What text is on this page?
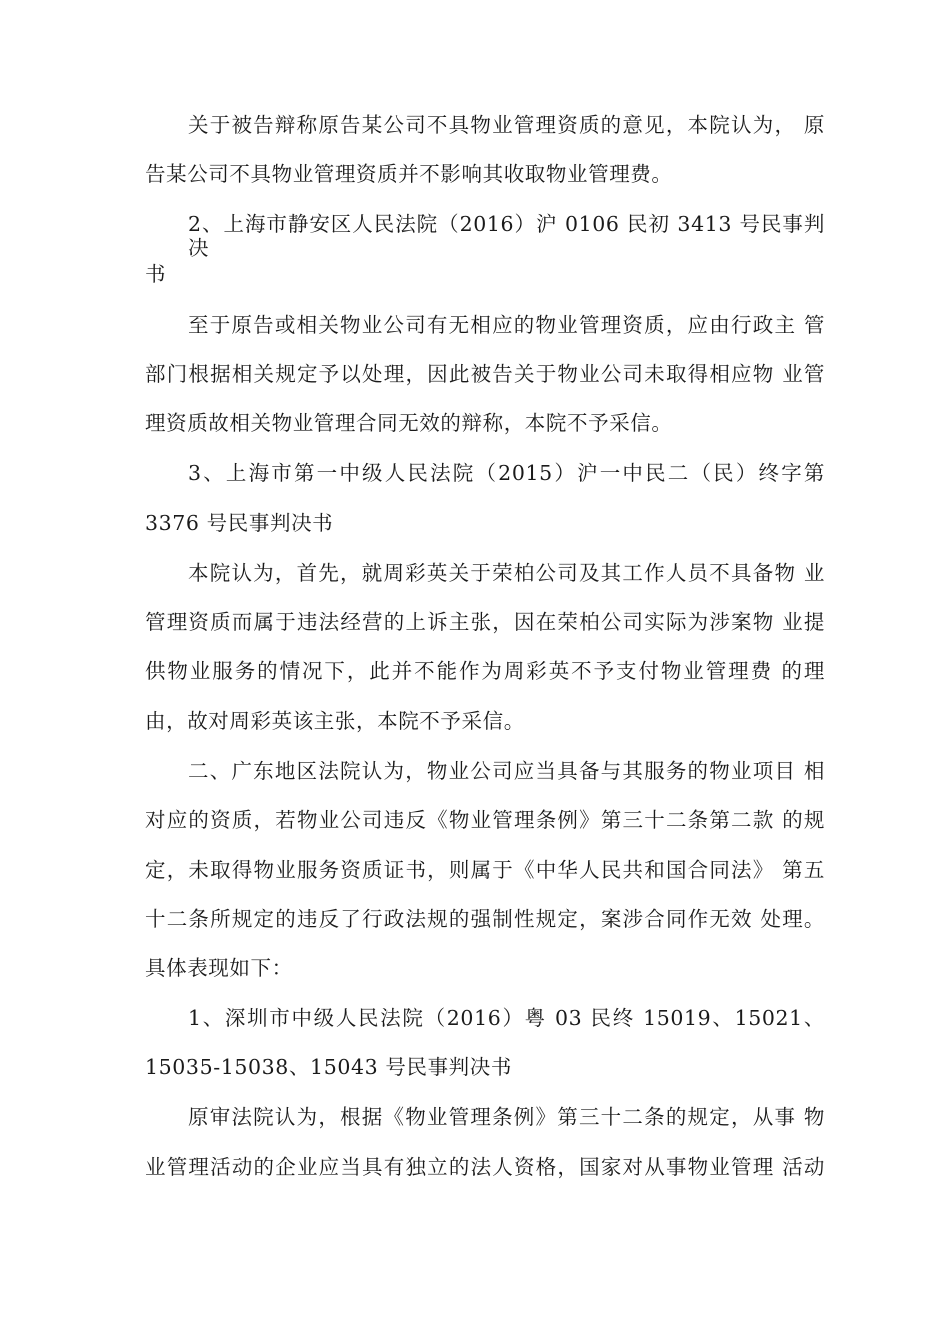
关于被告辩称原告某公司不具物业管理资质的意见，本院认为， 原
告某公司不具物业管理资质并不影响其收取物业管理费。
2、上海市静安区人民法院（2016）沪 0106 民初 3413 号民事判 决
书
至于原告或相关物业公司有无相应的物业管理资质，应由行政主 管
部门根据相关规定予以处理，因此被告关于物业公司未取得相应物 业管
理资质故相关物业管理合同无效的辩称，本院不予采信。
3、上海市第一中级人民法院（2015）沪一中民二（民）终字第
3376 号民事判决书
本院认为，首先，就周彩英关于荣柏公司及其工作人员不具备物 业
管理资质而属于违法经营的上诉主张，因在荣柏公司实际为涉案物 业提
供物业服务的情况下，此并不能作为周彩英不予支付物业管理费 的理
由，故对周彩英该主张，本院不予采信。
二、广东地区法院认为，物业公司应当具备与其服务的物业项目 相
对应的资质，若物业公司违反《物业管理条例》第三十二条第二款 的规
定，未取得物业服务资质证书，则属于《中华人民共和国合同法》 第五
十二条所规定的违反了行政法规的强制性规定，案涉合同作无效 处理。
具体表现如下：
1、深圳市中级人民法院（2016）粤 03 民终 15019、15021、
15035-15038、15043 号民事判决书
原审法院认为，根据《物业管理条例》第三十二条的规定，从事 物
业管理活动的企业应当具有独立的法人资格，国家对从事物业管理 活动
